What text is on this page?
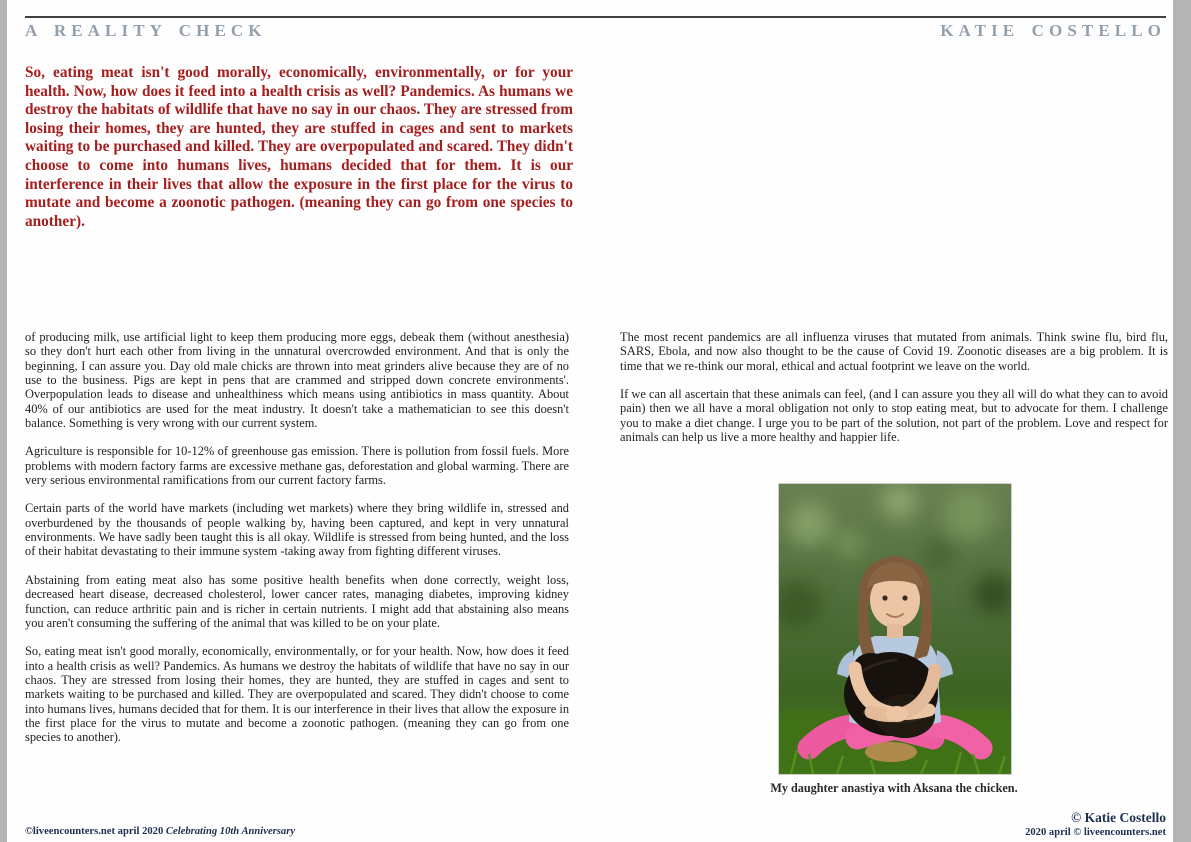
A REALITY CHECK	KATIE COSTELLO
So, eating meat isn't good morally, economically, environmentally, or for your health. Now, how does it feed into a health crisis as well? Pandemics. As humans we destroy the habitats of wildlife that have no say in our chaos. They are stressed from losing their homes, they are hunted, they are stuffed in cages and sent to markets waiting to be purchased and killed. They are overpopulated and scared. They didn't choose to come into humans lives, humans decided that for them. It is our interference in their lives that allow the exposure in the first place for the virus to mutate and become a zoonotic pathogen. (meaning they can go from one species to another).

of producing milk, use artificial light to keep them producing more eggs, debeak them (without anesthesia) so they don't hurt each other from living in the unnatural overcrowded environment. And that is only the beginning, I can assure you. Day old male chicks are thrown into meat grinders alive because they are of no use to the business. Pigs are kept in pens that are crammed and stripped down concrete environments'. Overpopulation leads to disease and unhealthiness which means using antibiotics in mass quantity. About 40% of our antibiotics are used for the meat industry. It doesn't take a mathematician to see this doesn't balance. Something is very wrong with our current system.

Agriculture is responsible for 10-12% of greenhouse gas emission. There is pollution from fossil fuels. More problems with modern factory farms are excessive methane gas, deforestation and global warming. There are very serious environmental ramifications from our current factory farms.

Certain parts of the world have markets (including wet markets) where they bring wildlife in, stressed and overburdened by the thousands of people walking by, having been captured, and kept in very unnatural environments. We have sadly been taught this is all okay. Wildlife is stressed from being hunted, and the loss of their habitat devastating to their immune system -taking away from fighting different viruses.

Abstaining from eating meat also has some positive health benefits when done correctly, weight loss, decreased heart disease, decreased cholesterol, lower cancer rates, managing diabetes, improving kidney function, can reduce arthritic pain and is richer in certain nutrients. I might add that abstaining also means you aren't consuming the suffering of the animal that was killed to be on your plate.

So, eating meat isn't good morally, economically, environmentally, or for your health. Now, how does it feed into a health crisis as well? Pandemics. As humans we destroy the habitats of wildlife that have no say in our chaos. They are stressed from losing their homes, they are hunted, they are stuffed in cages and sent to markets waiting to be purchased and killed. They are overpopulated and scared. They didn't choose to come into humans lives, humans decided that for them. It is our interference in their lives that allow the exposure in the first place for the virus to mutate and become a zoonotic pathogen. (meaning they can go from one species to another).

The most recent pandemics are all influenza viruses that mutated from animals. Think swine flu, bird flu, SARS, Ebola, and now also thought to be the cause of Covid 19. Zoonotic diseases are a big problem. It is time that we re-think our moral, ethical and actual footprint we leave on the world.

If we can all ascertain that these animals can feel, (and I can assure you they all will do what they can to avoid pain) then we all have a moral obligation not only to stop eating meat, but to advocate for them. I challenge you to make a diet change. I urge you to be part of the solution, not part of the problem. Love and respect for animals can help us live a more healthy and happier life.

My daughter anastiya with Aksana the chicken.
©liveencounters.net april 2020 Celebrating 10th Anniversary
© Katie Costello
2020 april © liveencounters.net
